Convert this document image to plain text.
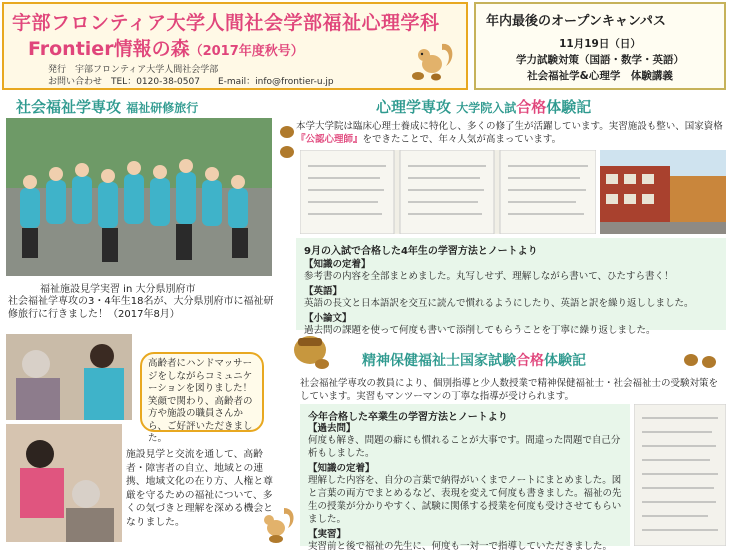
宇部フロンティア大学人間社会学部福祉心理学科
Frontier情報の森（2017年度秋号）
発行　宇部フロンティア大学人間社会学部
お問い合わせ　TEL：0120-38-0507　　E-mail：info@frontier-u.jp
年内最後のオープンキャンパス
11月19日（日）
学力試験対策（国語・数学・英語）
社会福祉学&心理学　体験講義
社会福祉学専攻 福祉研修旅行
福祉施設見学実習 in 大分県別府市
社会福祉学専攻の3・4年生18名が、大分県別府市に福祉研修旅行に行きました！（2017年8月）
高齢者にハンドマッサージをしながらコミュニケーションを図りました！ 笑顔で関わり、高齢者の方や施設の職員さんから、ご好評いただきました。
施設見学と交流を通して、高齢者・障害者の自立、地域との連携、地域文化の在り方、人権と尊厳を守るための福祉について、多くの気づきと理解を深める機会となりました。
心理学専攻 大学院入試合格体験記
本学大学院は臨床心理士養成に特化し、多くの修了生が活躍しています。実習施設も整い、国家資格『公認心理師』をできたことで、年々人気が高まっています。
9月の入試で合格した4年生の学習方法とノートより
【知識の定着】
参考書の内容を全部まとめました。丸写しせず、理解しながら書いて、ひたすら書く！
【英語】
英語の長文と日本語訳を交互に読んで慣れるようにしたり、英語と訳を繰り返ししました。
【小論文】
過去問の課題を使って何度も書いて添削してもらうことを丁寧に繰り返しました。
精神保健福祉士国家試験合格体験記
社会福祉学専攻の教員により、個別指導と少人数授業で精神保健福祉士・社会福祉士の受験対策をしています。実習もマンツーマンの丁寧な指導が受けられます。
今年合格した卒業生の学習方法とノートより
【過去問】
何度も解き、問題の癖にも慣れることが大事です。間違った問題で自己分析もしました。
【知識の定着】
理解した内容を、自分の言葉で納得がいくまでノートにまとめました。図と言葉の両方でまとめるなど、表現を変えて何度も書きました。福祉の先生の授業が分かりやすく、試験に関係する授業を何度も受けさせてもらいました。
【実習】
実習前と後で福祉の先生に、何度も一対一で指導していただきました。
